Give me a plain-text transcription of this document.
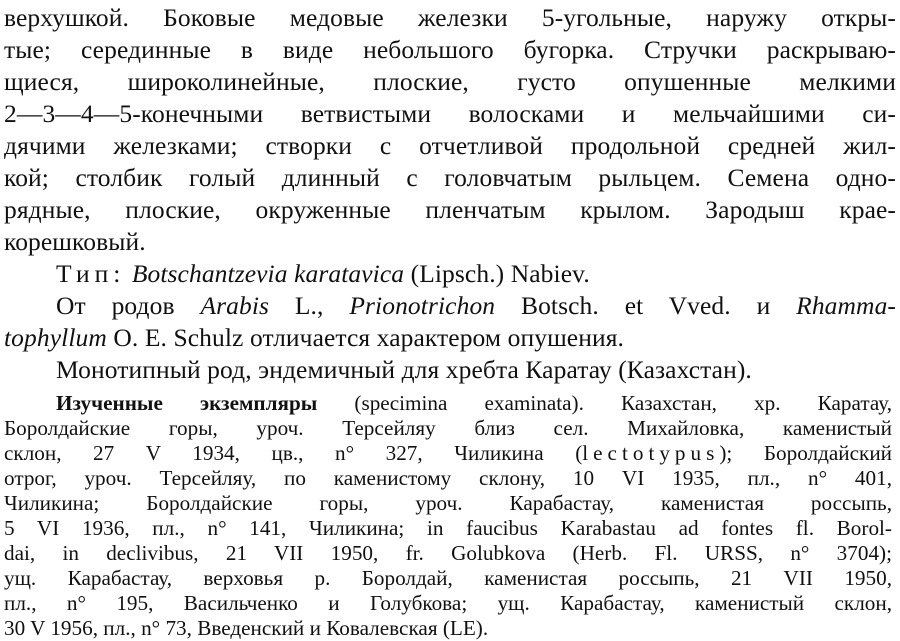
верхушкой. Боковые медовые железки 5-угольные, наружу откры-
тые; серединные в виде небольшого бугорка. Стручки раскрываю-
щиеся, широколинейные, плоские, густо опушенные мелкими
2—3—4—5-конечными ветвистыми волосками и мельчайшими си-
дячими железками; створки с отчетливой продольной средней жил-
кой; столбик голый длинный с головчатым рыльцем. Семена одно-
рядные, плоские, окруженные пленчатым крылом. Зародыш крае-
корешковый.
Тип: Botschantzevia karatavica (Lipsch.) Nabiev.
От родов Arabis L., Prionotrichon Botsch. et Vved. и Rhamma-
tophyllum O. E. Schulz отличается характером опушения.
Монотипный род, эндемичный для хребта Каратау (Казахстан).
Изученные экземпляры (specimina examinata). Казахстан, хр. Каратау,
Боролдайские горы, уроч. Терсейляу близ сел. Михайловка, каменистый
склон, 27 V 1934, цв., n° 327, Чиликина (lectotypus); Боролдайский
отрог, уроч. Терсейляу, по каменистому склону, 10 VI 1935, пл., n° 401,
Чиликина; Боролдайские горы, уроч. Карабастау, каменистая россыпь,
5 VI 1936, пл., n° 141, Чиликина; in faucibus Karabastau ad fontes fl. Borol-
dai, in declivibus, 21 VII 1950, fr. Golubkova (Herb. Fl. URSS, n° 3704);
ущ. Карабастау, верховья р. Боролдай, каменистая россыпь, 21 VII 1950,
пл., n° 195, Васильченко и Голубкова; ущ. Карабастау, каменистый склон,
30 V 1956, пл., n° 73, Введенский и Ковалевская (LE).
